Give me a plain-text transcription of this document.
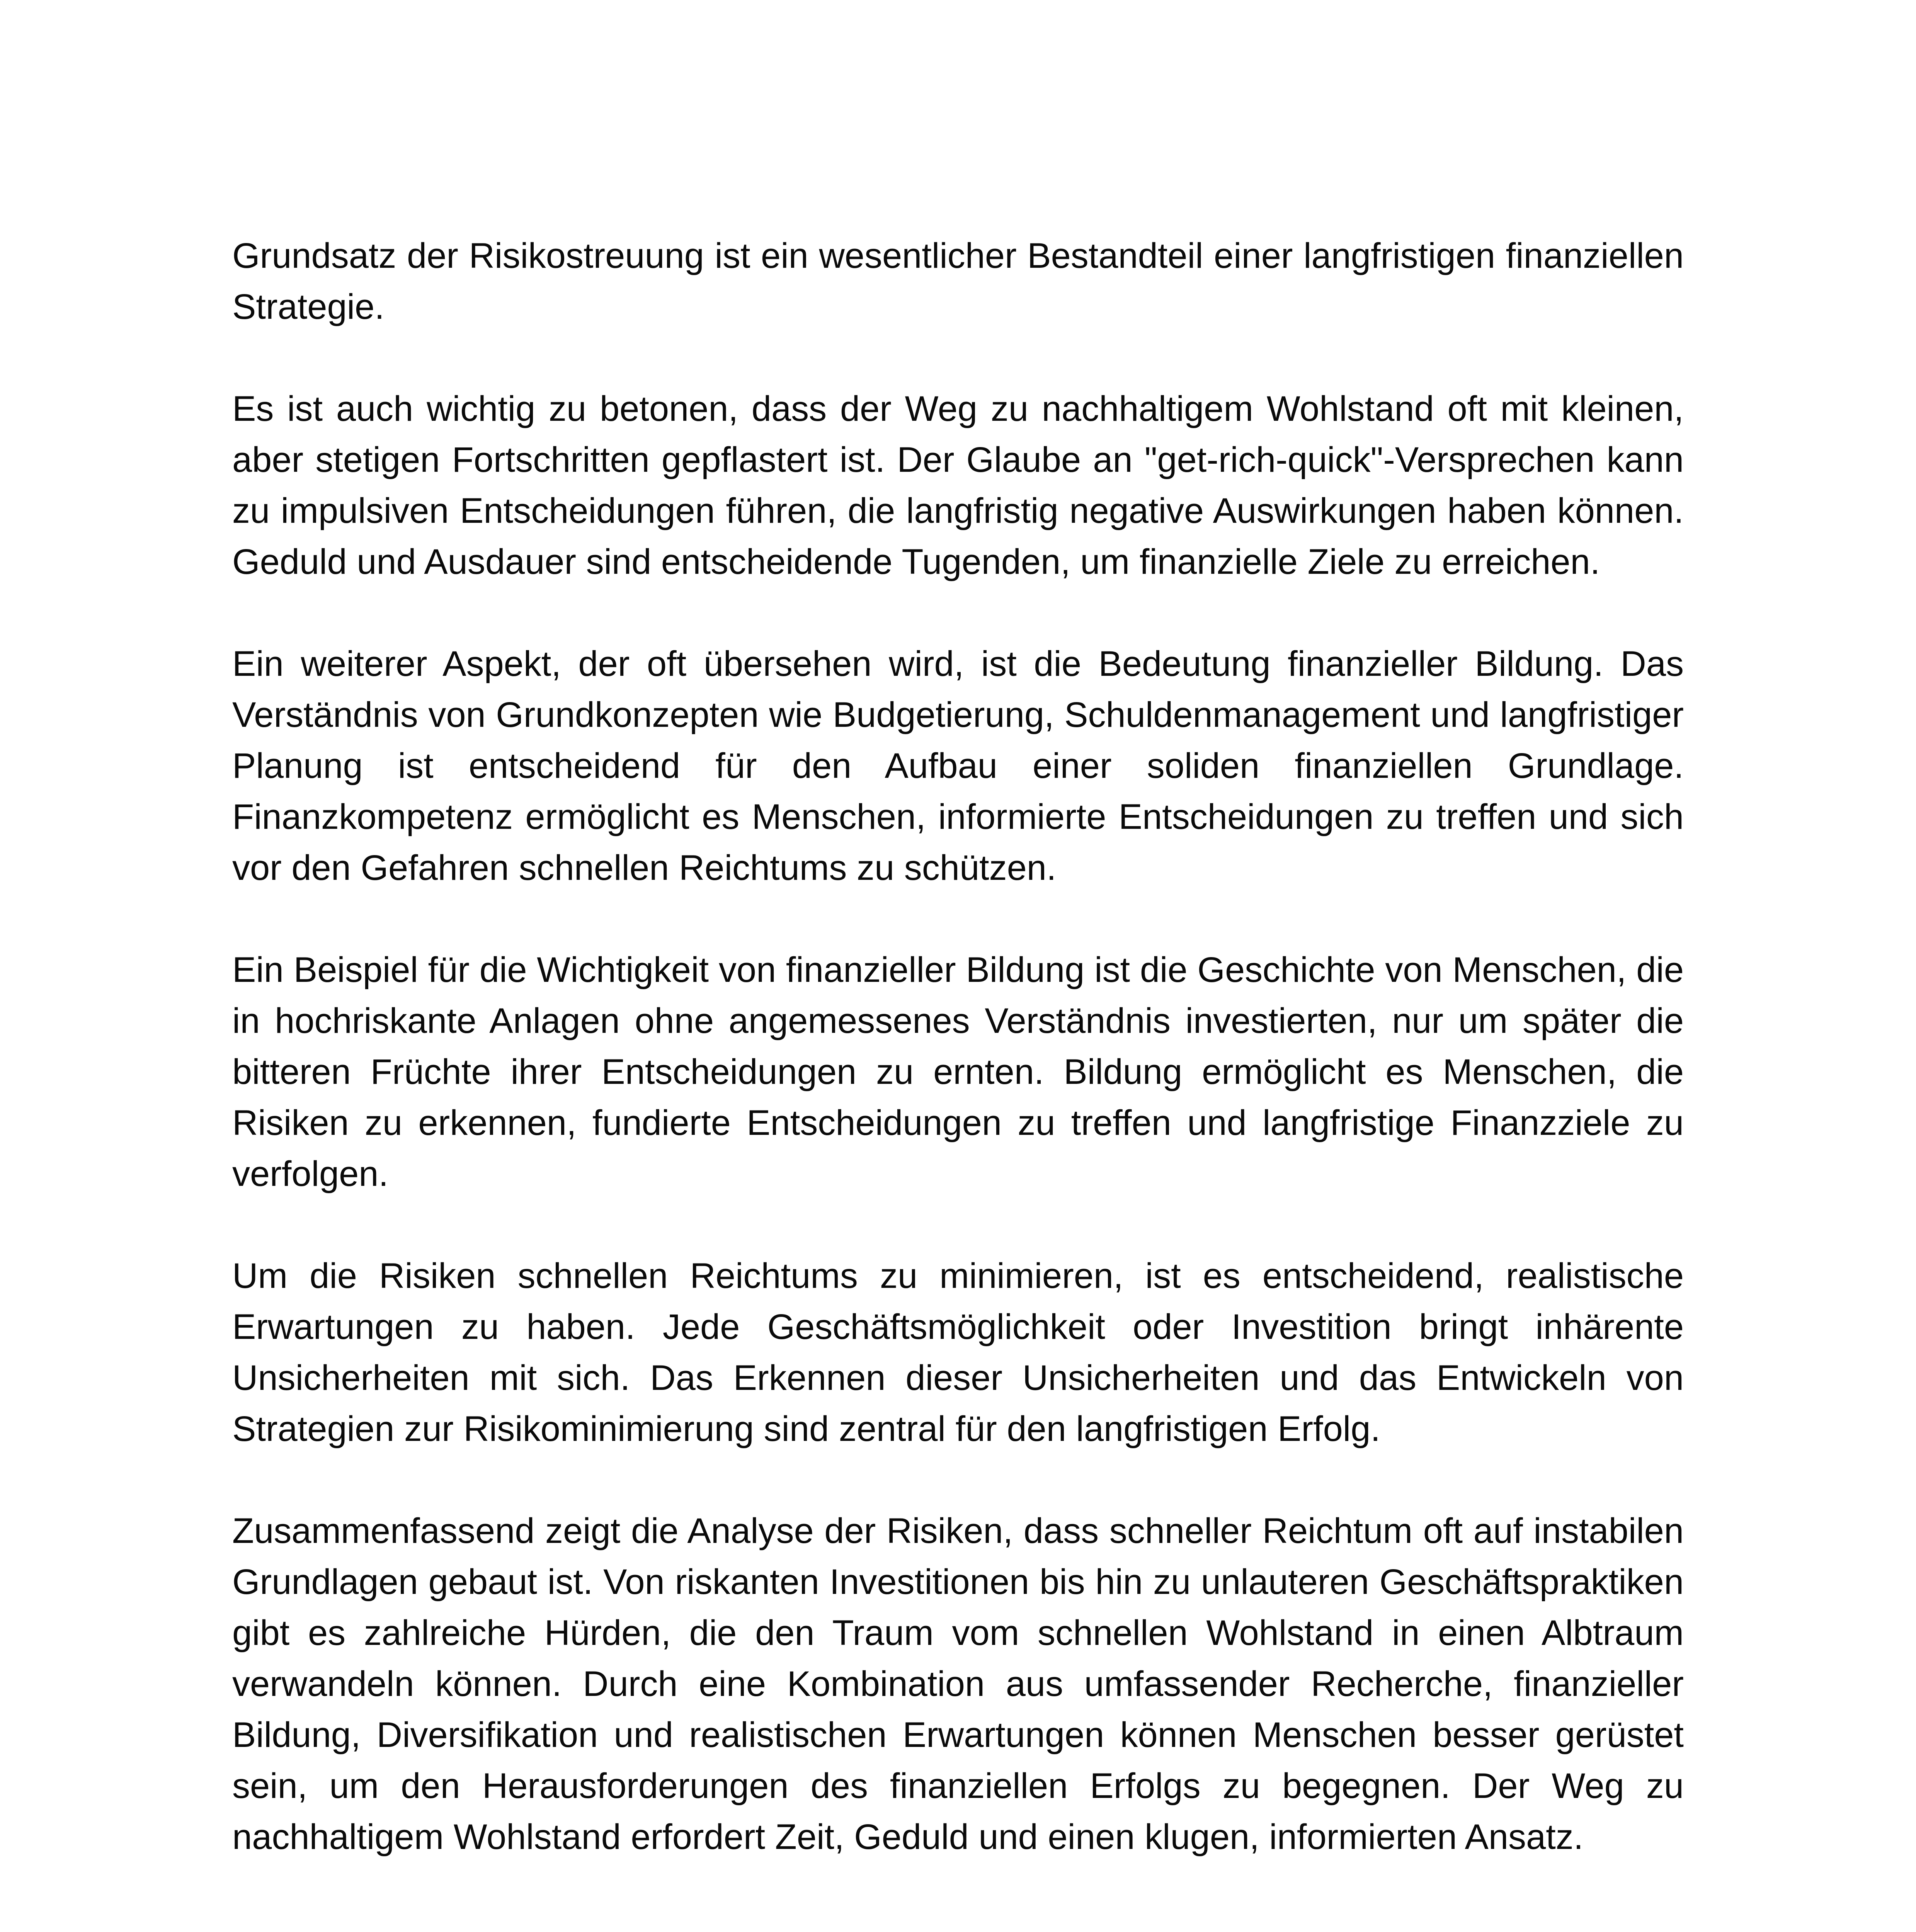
Grundsatz der Risikostreuung ist ein wesentlicher Bestandteil einer langfristigen finanziellen Strategie.

Es ist auch wichtig zu betonen, dass der Weg zu nachhaltigem Wohlstand oft mit kleinen, aber stetigen Fortschritten gepflastert ist. Der Glaube an "get-rich-quick"-Versprechen kann zu impulsiven Entscheidungen führen, die langfristig negative Auswirkungen haben können. Geduld und Ausdauer sind entscheidende Tugenden, um finanzielle Ziele zu erreichen.

Ein weiterer Aspekt, der oft übersehen wird, ist die Bedeutung finanzieller Bildung. Das Verständnis von Grundkonzepten wie Budgetierung, Schuldenmanagement und langfristiger Planung ist entscheidend für den Aufbau einer soliden finanziellen Grundlage. Finanzkompetenz ermöglicht es Menschen, informierte Entscheidungen zu treffen und sich vor den Gefahren schnellen Reichtums zu schützen.

Ein Beispiel für die Wichtigkeit von finanzieller Bildung ist die Geschichte von Menschen, die in hochriskante Anlagen ohne angemessenes Verständnis investierten, nur um später die bitteren Früchte ihrer Entscheidungen zu ernten. Bildung ermöglicht es Menschen, die Risiken zu erkennen, fundierte Entscheidungen zu treffen und langfristige Finanzziele zu verfolgen.

Um die Risiken schnellen Reichtums zu minimieren, ist es entscheidend, realistische Erwartungen zu haben. Jede Geschäftsmöglichkeit oder Investition bringt inhärente Unsicherheiten mit sich. Das Erkennen dieser Unsicherheiten und das Entwickeln von Strategien zur Risikominimierung sind zentral für den langfristigen Erfolg.

Zusammenfassend zeigt die Analyse der Risiken, dass schneller Reichtum oft auf instabilen Grundlagen gebaut ist. Von riskanten Investitionen bis hin zu unlauteren Geschäftspraktiken gibt es zahlreiche Hürden, die den Traum vom schnellen Wohlstand in einen Albtraum verwandeln können. Durch eine Kombination aus umfassender Recherche, finanzieller Bildung, Diversifikation und realistischen Erwartungen können Menschen besser gerüstet sein, um den Herausforderungen des finanziellen Erfolgs zu begegnen. Der Weg zu nachhaltigem Wohlstand erfordert Zeit, Geduld und einen klugen, informierten Ansatz.
